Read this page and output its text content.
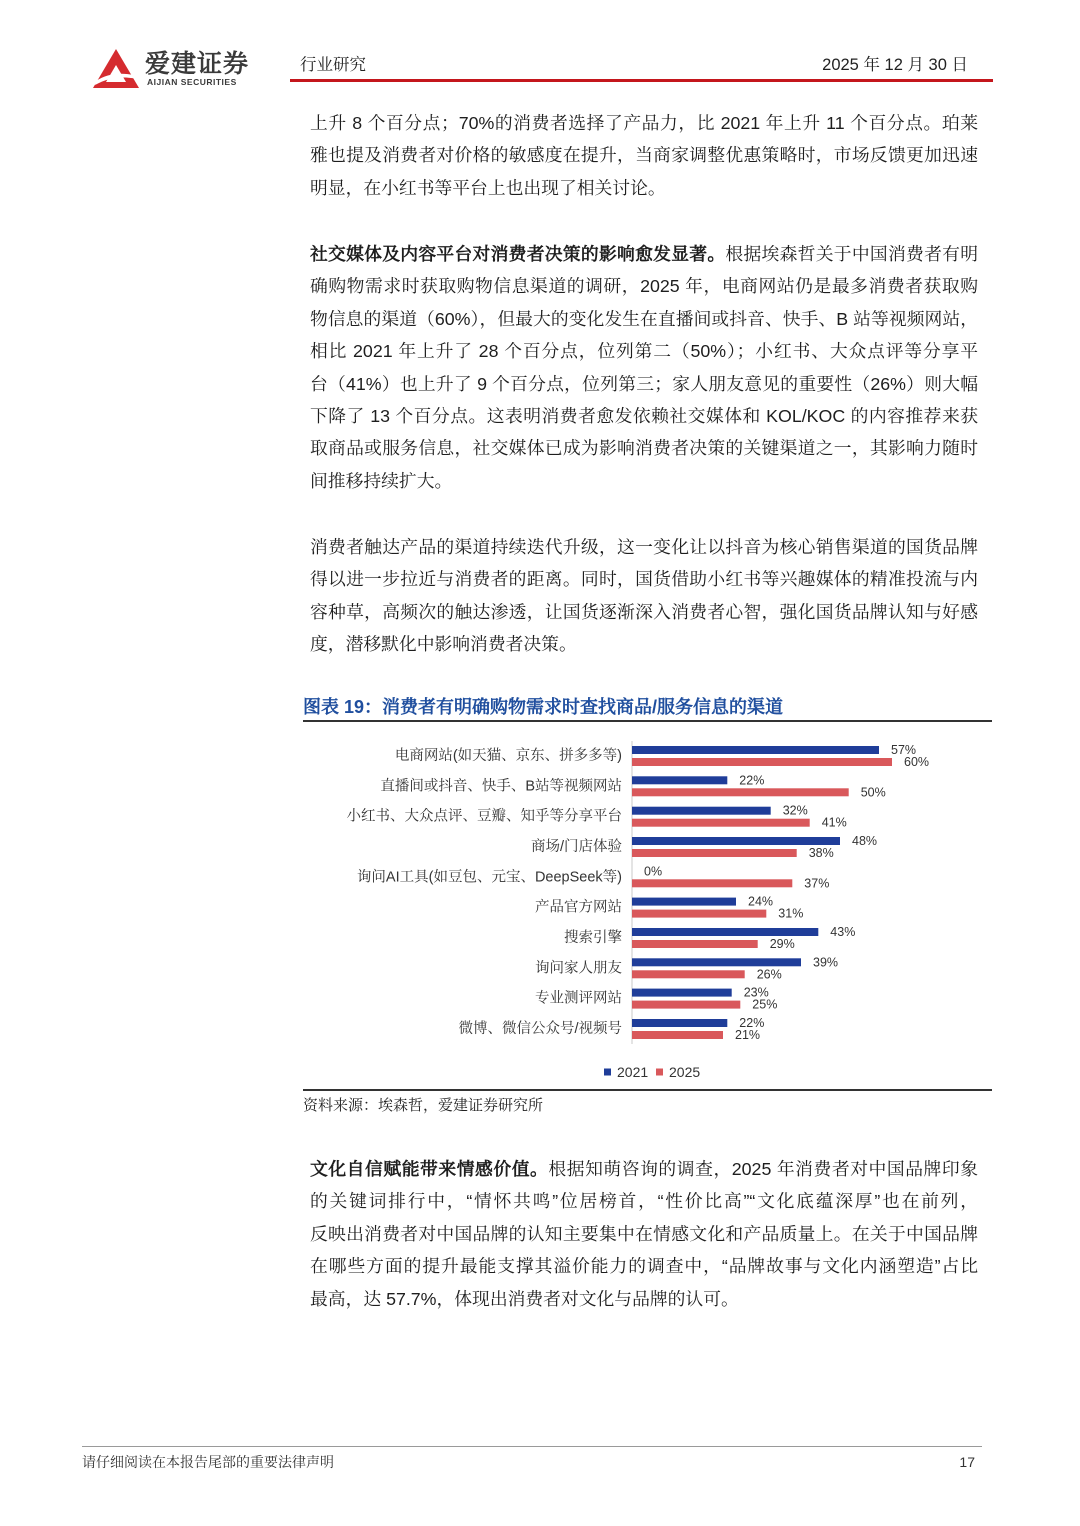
爱建证券
AIJIAN SECURITIES
行业研究	2025 年 12 月 30 日
上升 8 个百分点；70%的消费者选择了产品力，比 2021 年上升 11 个百分点。珀莱
雅也提及消费者对价格的敏感度在提升，当商家调整优惠策略时，市场反馈更加迅速
明显，在小红书等平台上也出现了相关讨论。
社交媒体及内容平台对消费者决策的影响愈发显著。根据埃森哲关于中国消费者有明
确购物需求时获取购物信息渠道的调研，2025 年，电商网站仍是最多消费者获取购
物信息的渠道（60%），但最大的变化发生在直播间或抖音、快手、B 站等视频网站，
相比 2021 年上升了 28 个百分点，位列第二（50%）；小红书、大众点评等分享平
台（41%）也上升了 9 个百分点，位列第三；家人朋友意见的重要性（26%）则大幅
下降了 13 个百分点。这表明消费者愈发依赖社交媒体和 KOL/KOC 的内容推荐来获
取商品或服务信息，社交媒体已成为影响消费者决策的关键渠道之一，其影响力随时
间推移持续扩大。
消费者触达产品的渠道持续迭代升级，这一变化让以抖音为核心销售渠道的国货品牌
得以进一步拉近与消费者的距离。同时，国货借助小红书等兴趣媒体的精准投流与内
容种草，高频次的触达渗透，让国货逐渐深入消费者心智，强化国货品牌认知与好感
度，潜移默化中影响消费者决策。
图表 19：消费者有明确购物需求时查找商品/服务信息的渠道
2021 2025
电商网站(如天猫、京东、拼多多等)	57%
60%
直播间或抖音、快手、B站等视频网站	22%
50%
小红书、大众点评、豆瓣、知乎等分享平台	32%
41%
商场/门店体验	48%
38%
询问AI工具(如豆包、元宝、DeepSeek等) 0%
37%
产品官方网站	24%
31%
搜索引擎	43%
29%
询问家人朋友	39%
26%
专业测评网站	23%
25%
微博、微信公众号/视频号	22%
21%
资料来源：埃森哲，爱建证券研究所
文化自信赋能带来情感价值。根据知萌咨询的调查，2025 年消费者对中国品牌印象
的关键词排行中，“情怀共鸣”位居榜首，“性价比高”“文化底蕴深厚”也在前列，
反映出消费者对中国品牌的认知主要集中在情感文化和产品质量上。在关于中国品牌
在哪些方面的提升最能支撑其溢价能力的调查中，“品牌故事与文化内涵塑造”占比
最高，达 57.7%，体现出消费者对文化与品牌的认可。
请仔细阅读在本报告尾部的重要法律声明	17
